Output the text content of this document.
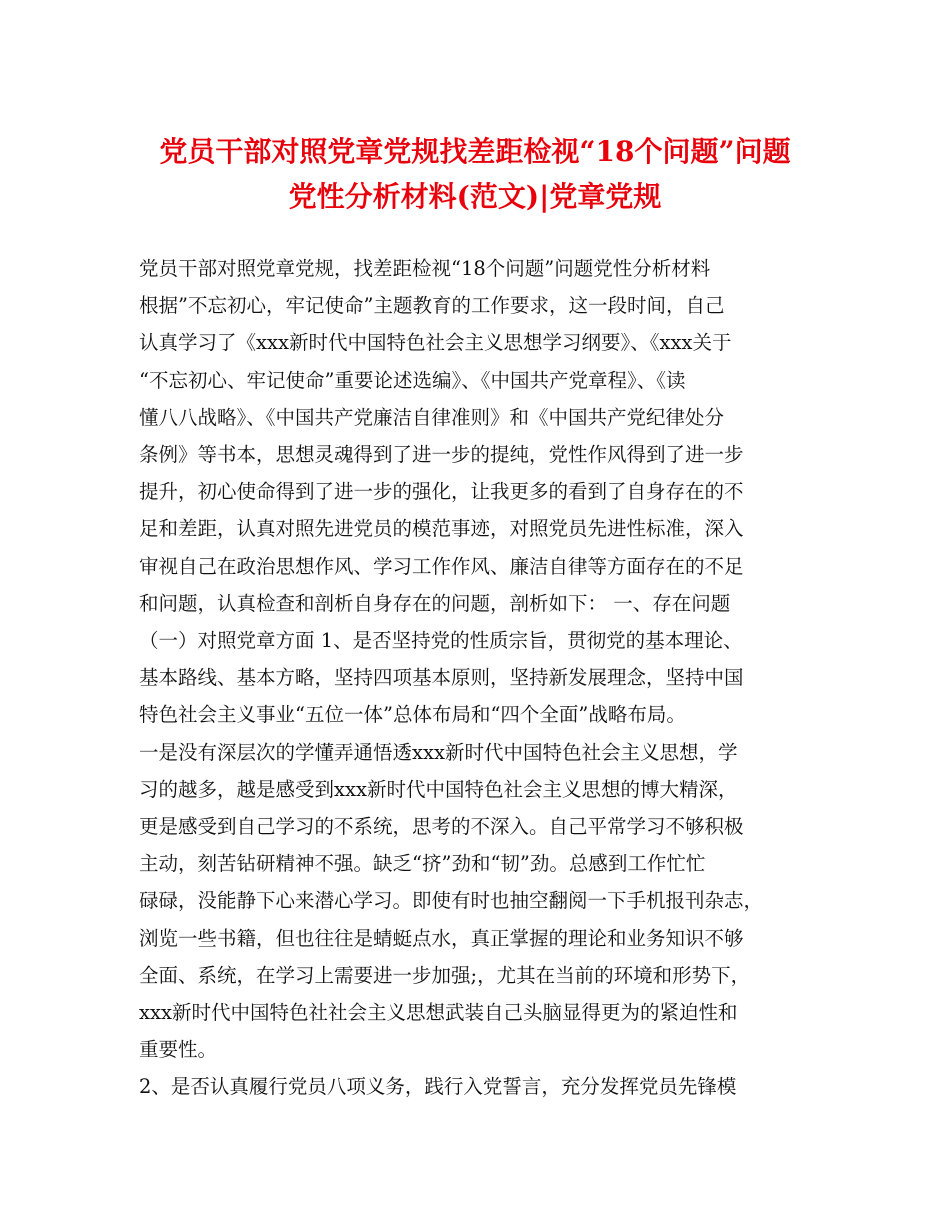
党员干部对照党章党规找差距检视“18个问题”问题
党性分析材料(范文)|党章党规
党员干部对照党章党规，找差距检视“18个问题”问题党性分析材料
根据”不忘初心，牢记使命”主题教育的工作要求，这一段时间，自己
认真学习了《xxx新时代中国特色社会主义思想学习纲要》、《xxx关于
“不忘初心、牢记使命”重要论述选编》、《中国共产党章程》、《读
懂八八战略》、《中国共产党廉洁自律准则》和《中国共产党纪律处分
条例》等书本，思想灵魂得到了进一步的提纯，党性作风得到了进一步
提升，初心使命得到了进一步的强化，让我更多的看到了自身存在的不
足和差距，认真对照先进党员的模范事迹，对照党员先进性标准，深入
审视自己在政治思想作风、学习工作作风、廉洁自律等方面存在的不足
和问题，认真检查和剖析自身存在的问题，剖析如下： 一、存在问题
（一）对照党章方面 1、是否坚持党的性质宗旨，贯彻党的基本理论、
基本路线、基本方略，坚持四项基本原则，坚持新发展理念，坚持中国
特色社会主义事业“五位一体”总体布局和“四个全面”战略布局。
一是没有深层次的学懂弄通悟透xxx新时代中国特色社会主义思想，学
习的越多，越是感受到xxx新时代中国特色社会主义思想的博大精深，
更是感受到自己学习的不系统，思考的不深入。自己平常学习不够积极
主动，刻苦钻研精神不强。缺乏“挤”劲和“韧”劲。总感到工作忙忙
碌碌，没能静下心来潜心学习。即使有时也抽空翻阅一下手机报刊杂志，
浏览一些书籍，但也往往是蜻蜓点水，真正掌握的理论和业务知识不够
全面、系统，在学习上需要进一步加强;，尤其在当前的环境和形势下，
xxx新时代中国特色社社会主义思想武装自己头脑显得更为的紧迫性和
重要性。
2、是否认真履行党员八项义务，践行入党誓言，充分发挥党员先锋模
